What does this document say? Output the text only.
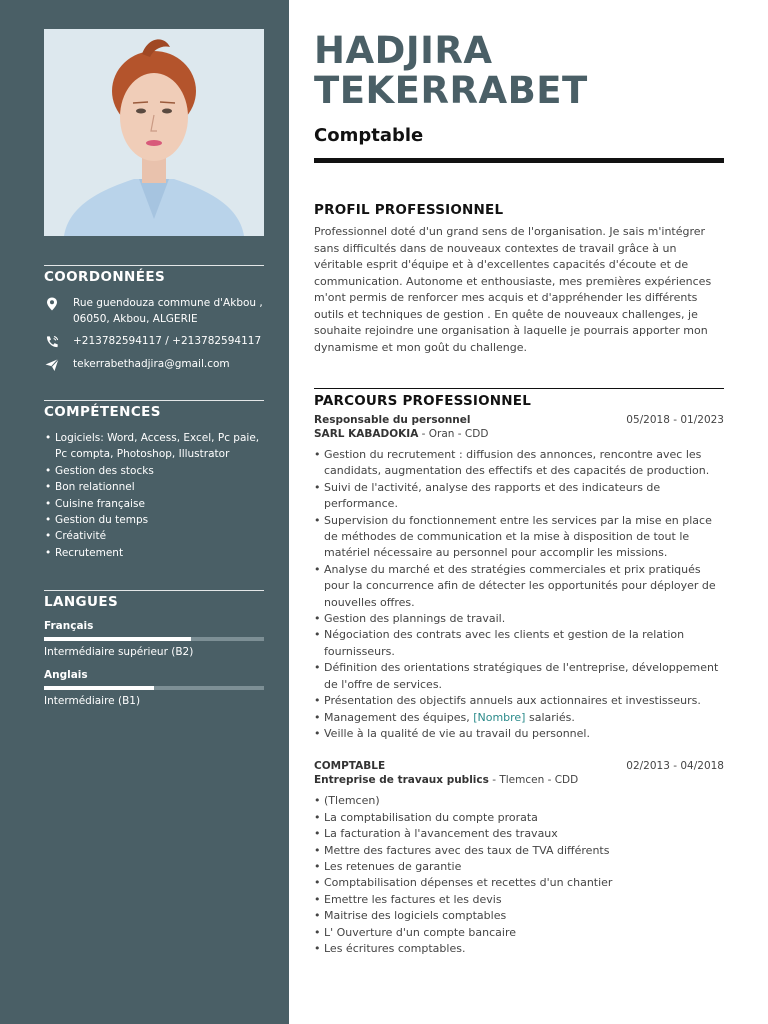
COORDONNÉES
Rue guendouza commune d'Akbou ,
06050, Akbou, ALGERIE
+213782594117 / +213782594117
tekerrabethadjira@gmail.com
COMPÉTENCES
• Logiciels: Word, Access, Excel, Pc paie, Pc compta, Photoshop, Illustrator
• Gestion des stocks
• Bon relationnel
• Cuisine française
• Gestion du temps
• Créativité
• Recrutement
LANGUES
Français
Intermédiaire supérieur (B2)
Anglais
Intermédiaire (B1)
HADJIRA
TEKERRABET
Comptable
PROFIL PROFESSIONNEL
Professionnel doté d'un grand sens de l'organisation. Je sais m'intégrer sans difficultés dans de nouveaux contextes de travail grâce à un véritable esprit d'équipe et à d'excellentes capacités d'écoute et de communication. Autonome et enthousiaste, mes premières expériences m'ont permis de renforcer mes acquis et d'appréhender les différents outils et techniques de gestion . En quête de nouveaux challenges, je souhaite rejoindre une organisation à laquelle je pourrais apporter mon dynamisme et mon goût du challenge.
PARCOURS PROFESSIONNEL
Responsable du personnel	05/2018 - 01/2023
SARL KABADOKIA - Oran - CDD
• Gestion du recrutement : diffusion des annonces, rencontre avec les candidats, augmentation des effectifs et des capacités de production.
• Suivi de l'activité, analyse des rapports et des indicateurs de performance.
• Supervision du fonctionnement entre les services par la mise en place de méthodes de communication et la mise à disposition de tout le matériel nécessaire au personnel pour accomplir les missions.
• Analyse du marché et des stratégies commerciales et prix pratiqués pour la concurrence afin de détecter les opportunités pour déployer de nouvelles offres.
• Gestion des plannings de travail.
• Négociation des contrats avec les clients et gestion de la relation fournisseurs.
• Définition des orientations stratégiques de l'entreprise, développement de l'offre de services.
• Présentation des objectifs annuels aux actionnaires et investisseurs.
• Management des équipes, [Nombre] salariés.
• Veille à la qualité de vie au travail du personnel.
COMPTABLE	02/2013 - 04/2018
Entreprise de travaux publics - Tlemcen - CDD
• (Tlemcen)
• La comptabilisation du compte prorata
• La facturation à l'avancement des travaux
• Mettre des factures avec des taux de TVA différents
• Les retenues de garantie
• Comptabilisation dépenses et recettes d'un chantier
• Emettre les factures et les devis
• Maitrise des logiciels comptables
• L' Ouverture d'un compte bancaire
• Les écritures comptables.
